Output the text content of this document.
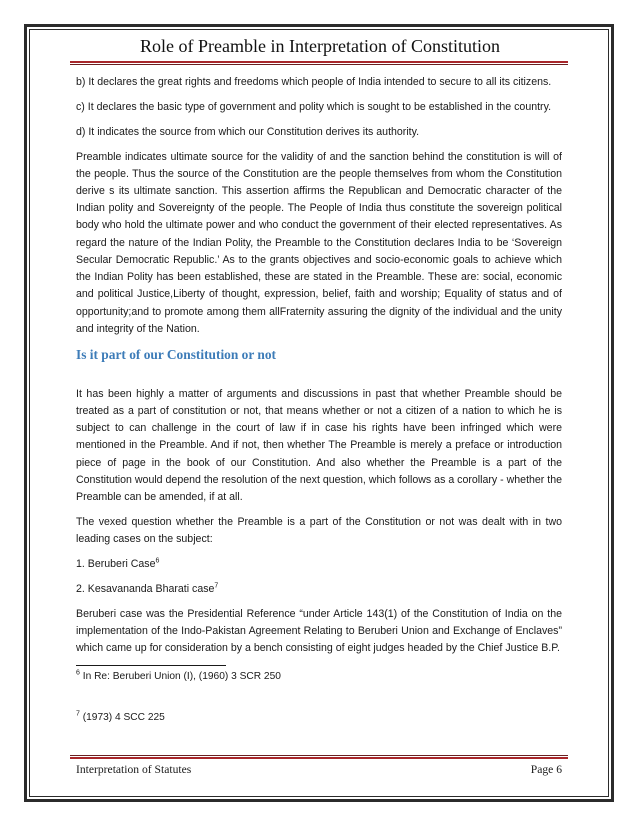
Role of Preamble in Interpretation of Constitution

b) It declares the great rights and freedoms which people of India intended to secure to all its citizens.

c) It declares the basic type of government and polity which is sought to be established in the country.

d) It indicates the source from which our Constitution derives its authority.

Preamble indicates ultimate source for the validity of and the sanction behind the constitution is will of the people. Thus the source of the Constitution are the people themselves from whom the Constitution derive s its ultimate sanction. This assertion affirms the Republican and Democratic character of the Indian polity and Sovereignty of the people. The People of India thus constitute the sovereign political body who hold the ultimate power and who conduct the government of their elected representatives. As regard the nature of the Indian Polity, the Preamble to the Constitution declares India to be ‘Sovereign Secular Democratic Republic.’ As to the grants objectives and socio-economic goals to achieve which the Indian Polity has been established, these are stated in the Preamble. These are: social, economic and political Justice,Liberty of thought, expression, belief, faith and worship; Equality of status and of opportunity;and to promote among them allFraternity assuring the dignity of the individual and the unity and integrity of the Nation.

Is it part of our Constitution or not

It has been highly a matter of arguments and discussions in past that whether Preamble should be treated as a part of constitution or not, that means whether or not a citizen of a nation to which he is subject to can challenge in the court of law if in case his rights have been infringed which were mentioned in the Preamble. And if not, then whether The Preamble is merely a preface or introduction piece of page in the book of our Constitution. And also whether the Preamble is a part of the Constitution would depend the resolution of the next question, which follows as a corollary - whether the Preamble can be amended, if at all.

The vexed question whether the Preamble is a part of the Constitution or not was dealt with in two leading cases on the subject:

1. Beruberi Case$^6$

2. Kesavananda Bharati case$^7$

Beruberi case was the Presidential Reference “under Article 143(1) of the Constitution of India on the implementation of the Indo-Pakistan Agreement Relating to Beruberi Union and Exchange of Enclaves” which came up for consideration by a bench consisting of eight judges headed by the Chief Justice B.P.

$^6$ In Re: Beruberi Union (I), (1960) 3 SCR 250
$^7$ (1973) 4 SCC 225
Interpretation of Statutes	Page 6
